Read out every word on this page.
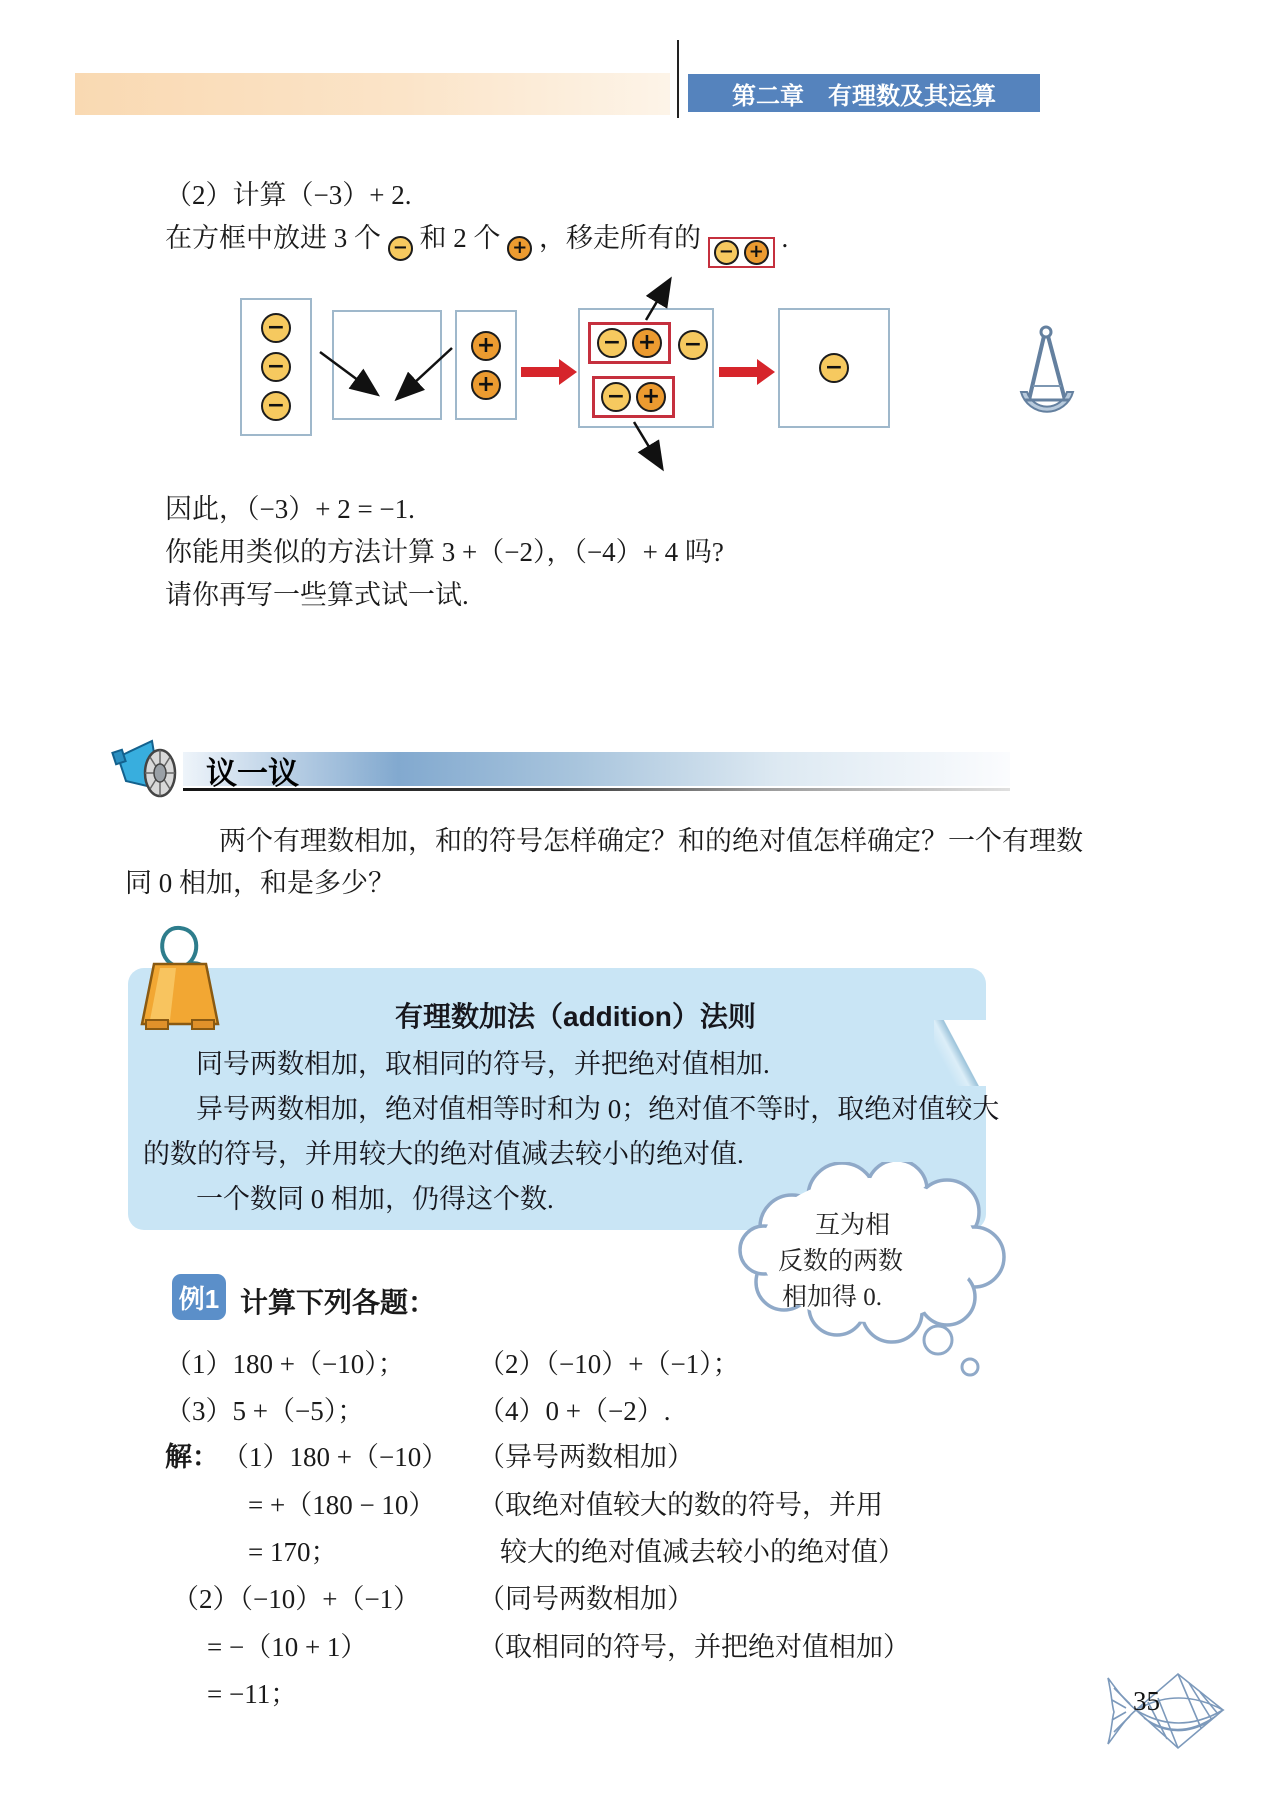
第二章　有理数及其运算
（2）计算（−3）+ 2.
在方框中放进 3 个 − 和 2 个 + ，移走所有的 − + .
−
−
−
+
+
− + −
− +
−
因此，（−3）+ 2 = −1.
你能用类似的方法计算 3 +（−2），（−4）+ 4 吗?
请你再写一些算式试一试.
议一议
两个有理数相加，和的符号怎样确定？和的绝对值怎样确定？一个有理数
同 0 相加，和是多少？
有理数加法（addition）法则
同号两数相加，取相同的符号，并把绝对值相加.
异号两数相加，绝对值相等时和为 0；绝对值不等时，取绝对值较大
的数的符号，并用较大的绝对值减去较小的绝对值.
一个数同 0 相加，仍得这个数.
互为相
反数的两数
相加得 0.
例1 计算下列各题：
（1）180 +（−10）；	（2）（−10）+（−1）；
（3）5 +（−5）；	（4）0 +（−2）.
解： （1）180 +（−10） （异号两数相加）
= +（180 − 10） （取绝对值较大的数的符号，并用
= 170；	较大的绝对值减去较小的绝对值）
（2）（−10）+（−1） （同号两数相加）
= −（10 + 1）	（取相同的符号，并把绝对值相加）
= −11；	35
